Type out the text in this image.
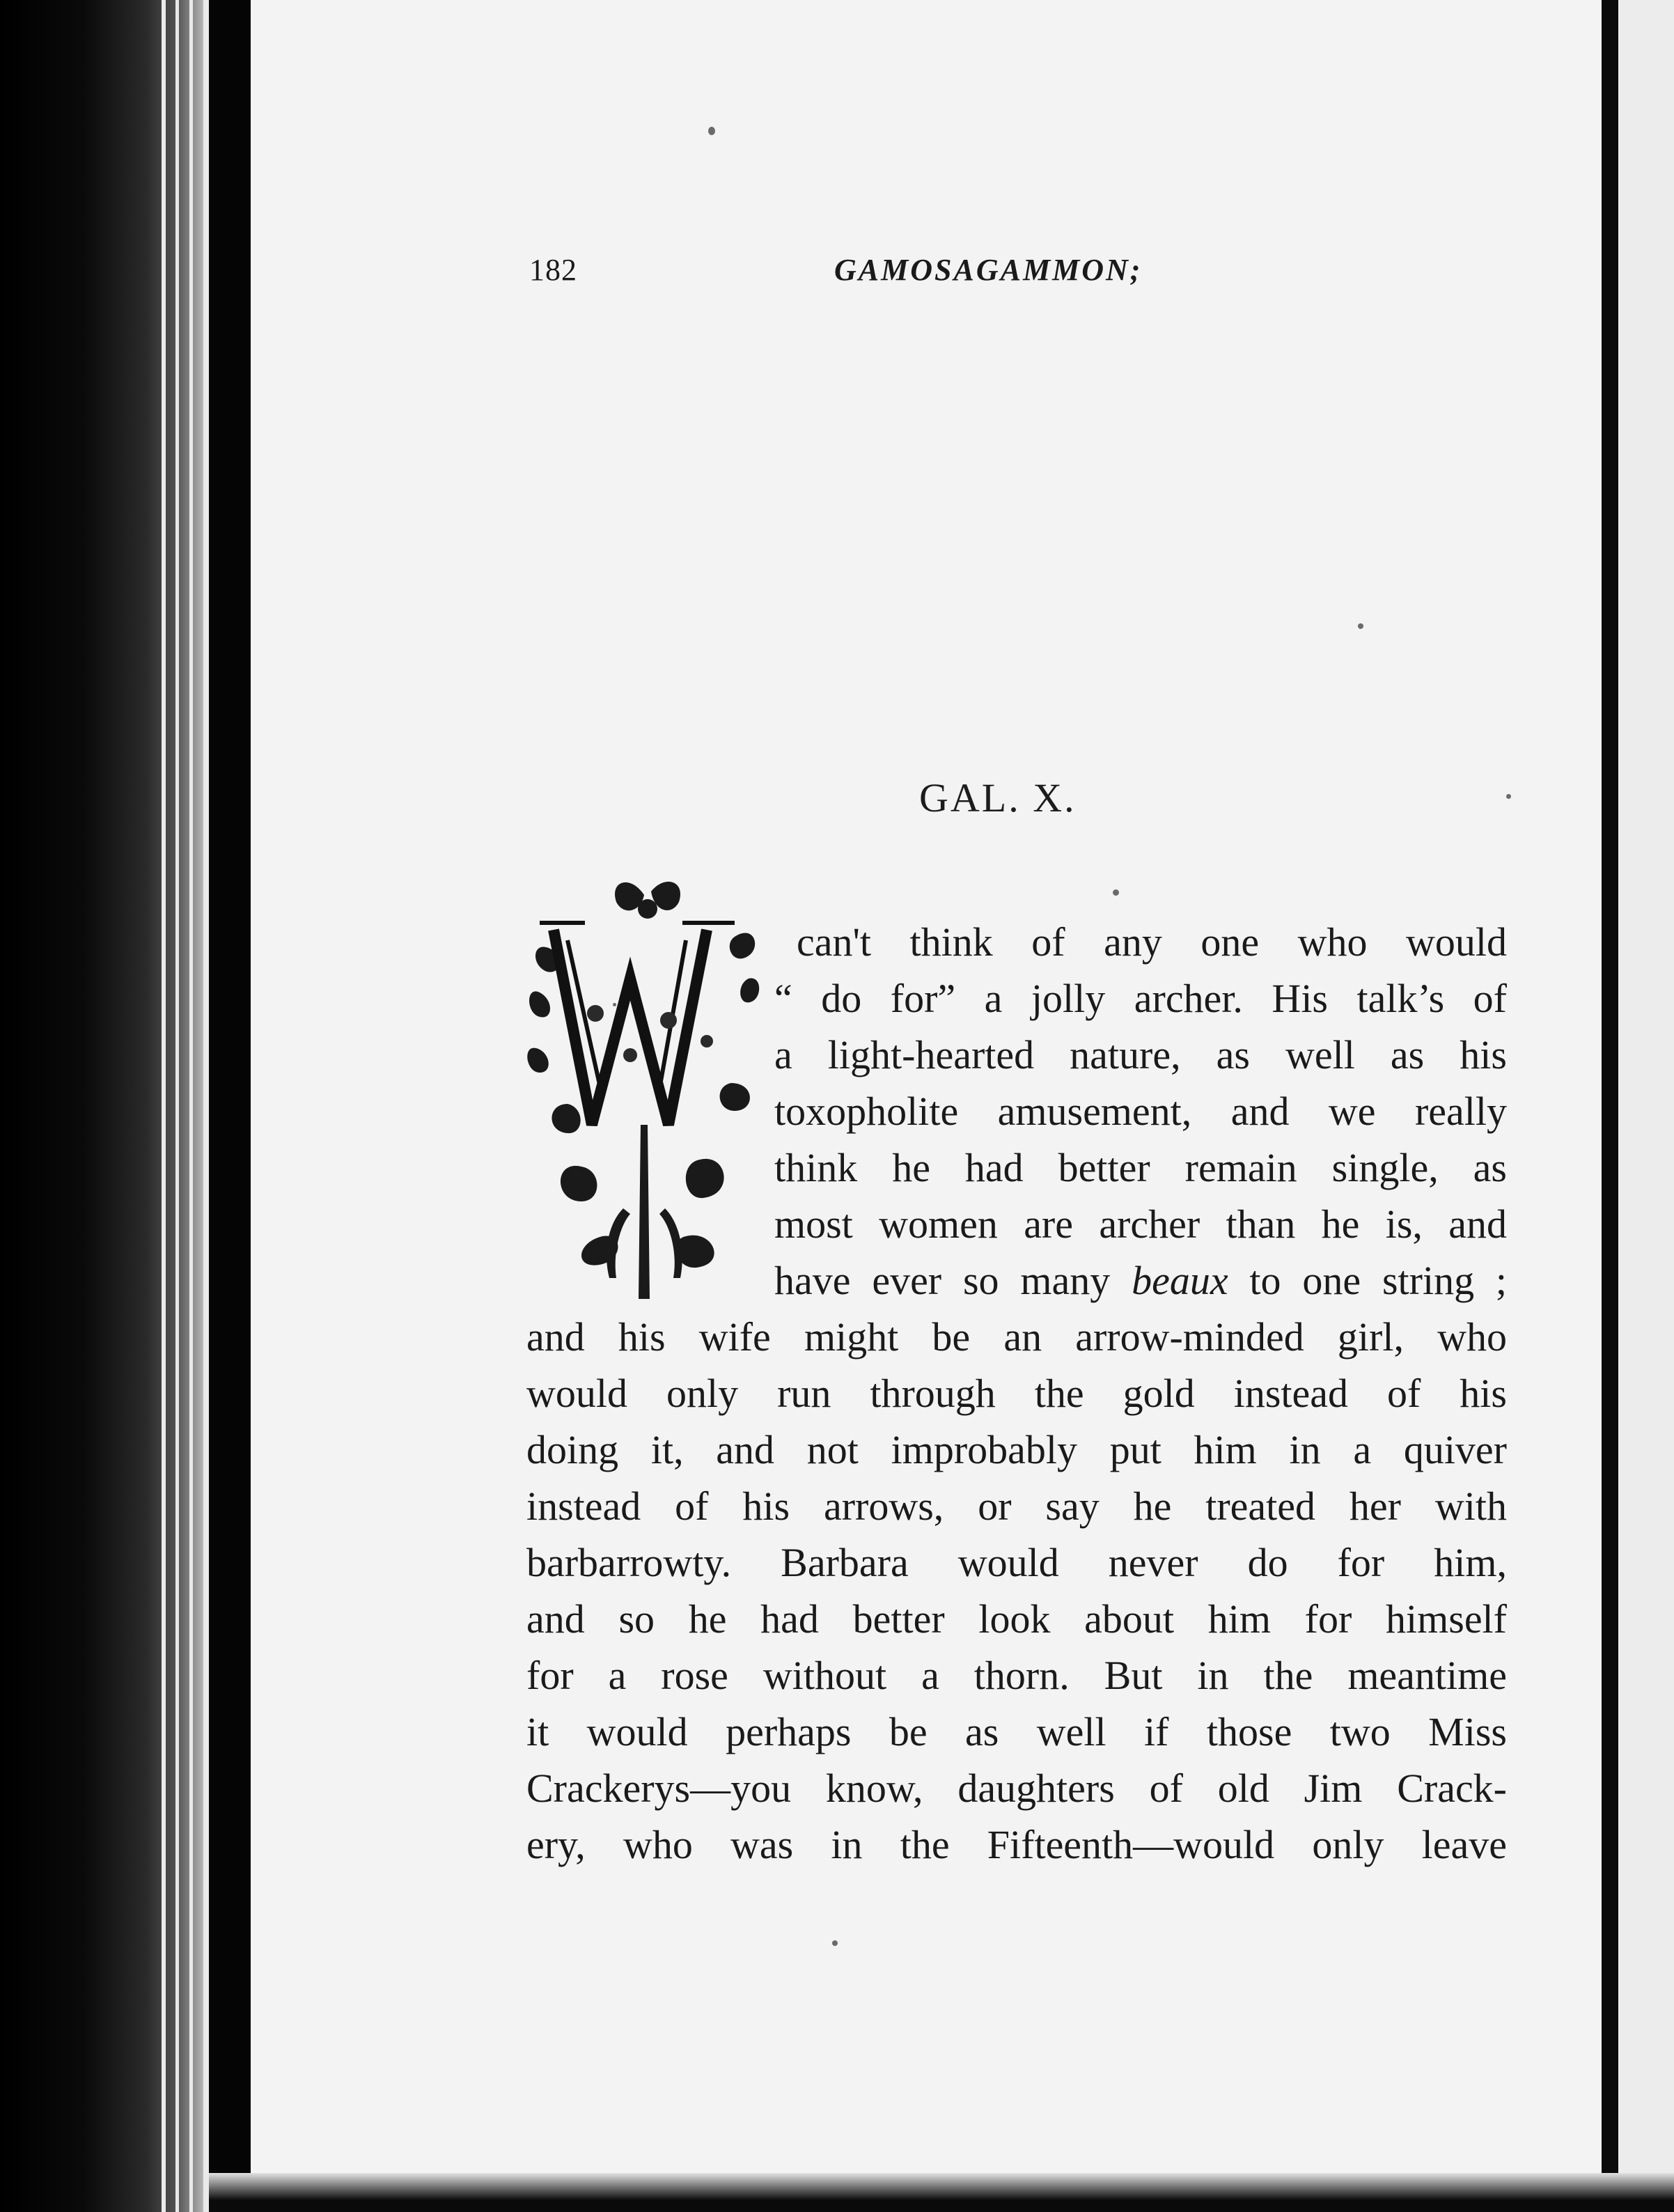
182	GAMOSAGAMMON;
GAL. X.
can't think of any one who would
“ do for” a jolly archer. His talk’s of
a light-hearted nature, as well as his
toxopholite amusement, and we really
think he had better remain single, as
most women are archer than he is, and
have ever so many beaux to one string ;
and his wife might be an arrow-minded girl, who
would only run through the gold instead of his
doing it, and not improbably put him in a quiver
instead of his arrows, or say he treated her with
barbarrowty. Barbara would never do for him,
and so he had better look about him for himself
for a rose without a thorn. But in the meantime
it would perhaps be as well if those two Miss
Crackerys—you know, daughters of old Jim Crack-
ery, who was in the Fifteenth—would only leave
